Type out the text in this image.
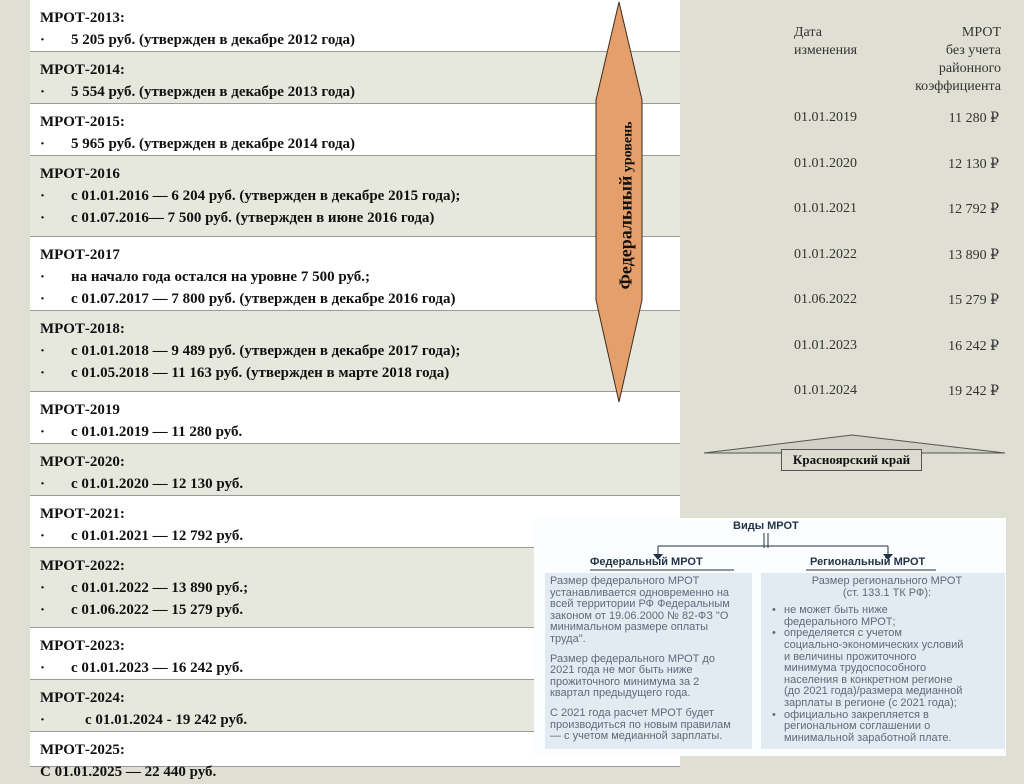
МРОТ-2013:
·	5 205 руб. (утвержден в декабре 2012 года)
МРОТ-2014:
·	5 554 руб. (утвержден в декабре 2013 года)
МРОТ-2015:
·	5 965 руб. (утвержден в декабре 2014 года)
МРОТ-2016
·	с 01.01.2016 — 6 204 руб. (утвержден в декабре 2015 года);
·	с 01.07.2016— 7 500 руб. (утвержден в июне 2016 года)
МРОТ-2017
·	на начало года остался на уровне 7 500 руб.;
·	с 01.07.2017 — 7 800 руб. (утвержден в декабре 2016 года)
МРОТ-2018:
·	с 01.01.2018 — 9 489 руб. (утвержден в декабре 2017 года);
·	с 01.05.2018 — 11 163 руб. (утвержден в марте 2018 года)
МРОТ-2019
·	с 01.01.2019 — 11 280 руб.
МРОТ-2020:
·	с 01.01.2020 — 12 130 руб.
МРОТ-2021:
·	с 01.01.2021 — 12 792 руб.
МРОТ-2022:
·	с 01.01.2022 — 13 890 руб.;
·	с 01.06.2022 — 15 279 руб.
МРОТ-2023:
·	с 01.01.2023 — 16 242 руб.
МРОТ-2024:
·	с 01.01.2024 - 19 242 руб.
МРОТ-2025:
С 01.01.2025 — 22 440 руб.
Федеральный уровень
Дата
изменения
МРОТ
без учета
районного
коэффициента
01.01.2019	11 280 ₽
01.01.2020	12 130 ₽
01.01.2021	12 792 ₽
01.01.2022	13 890 ₽
01.06.2022	15 279 ₽
01.01.2023	16 242 ₽
01.01.2024	19 242 ₽
Красноярский край
Виды МРОТ
Федеральный МРОТ	Региональный МРОТ
Размер федерального МРОТ
устанавливается одновременно на
всей территории РФ Федеральным
законом от 19.06.2000 № 82-ФЗ "О
минимальном размере оплаты
труда".
Размер федерального МРОТ до
2021 года не мог быть ниже
прожиточного минимума за 2
квартал предыдущего года.
С 2021 года расчет МРОТ будет
производиться по новым правилам
— с учетом медианной зарплаты.
Размер регионального МРОТ
(ст. 133.1 ТК РФ):
• не может быть ниже
федерального МРОТ;
• определяется с учетом
социально-экономических условий
и величины прожиточного
минимума трудоспособного
населения в конкретном регионе
(до 2021 года)/размера медианной
зарплаты в регионе (с 2021 года);
• официально закрепляется в
региональном соглашении о
минимальной заработной плате.
